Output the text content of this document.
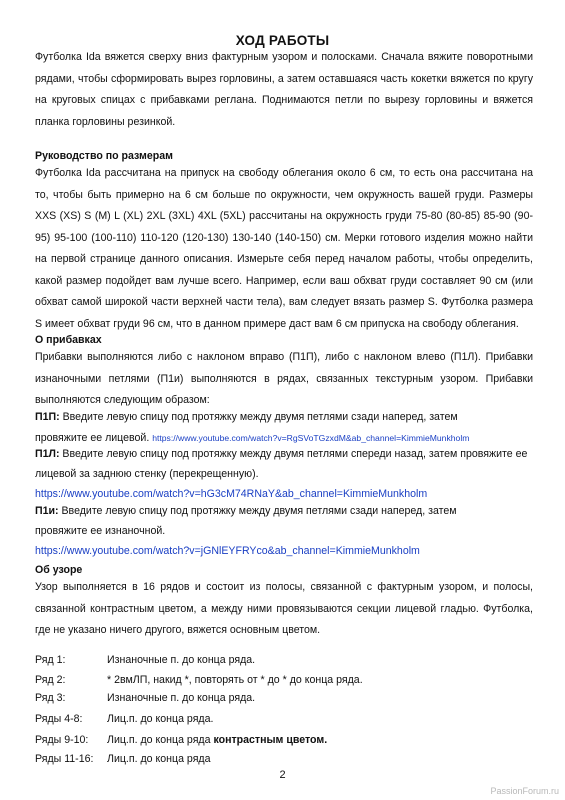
ХОД РАБОТЫ

Футболка Ida вяжется сверху вниз фактурным узором и полосками. Сначала вяжите поворотными рядами, чтобы сформировать вырез горловины, а затем оставшаяся часть кокетки вяжется по кругу на круговых спицах с прибавками реглана. Поднимаются петли по вырезу горловины и вяжется планка горловины резинкой.

Руководство по размерам

Футболка Ida рассчитана на припуск на свободу облегания около 6 см, то есть она рассчитана на то, чтобы быть примерно на 6 см больше по окружности, чем окружность вашей груди. Размеры XXS (XS) S (M) L (XL) 2XL (3XL) 4XL (5XL) рассчитаны на окружность груди 75-80 (80-85) 85-90 (90-95) 95-100 (100-110) 110-120 (120-130) 130-140 (140-150) см. Мерки готового изделия можно найти на первой странице данного описания. Измерьте себя перед началом работы, чтобы определить, какой размер подойдет вам лучше всего. Например, если ваш обхват груди составляет 90 см (или обхват самой широкой части верхней части тела), вам следует вязать размер S. Футболка размера S имеет обхват груди 96 см, что в данном примере даст вам 6 см припуска на свободу облегания.

О прибавках

Прибавки выполняются либо с наклоном вправо (П1П), либо с наклоном влево (П1Л). Прибавки изнаночными петлями (П1и) выполняются в рядах, связанных текстурным узором. Прибавки выполняются следующим образом:

П1П: Введите левую спицу под протяжку между двумя петлями сзади наперед, затем
провяжите ее лицевой. https://www.youtube.com/watch?v=RgSVoTGzxdM&ab_channel=KimmieMunkholm
П1Л: Введите левую спицу под протяжку между двумя петлями спереди назад, затем провяжите ее
лицевой за заднюю стенку (перекрещенную).
https://www.youtube.com/watch?v=hG3cM74RNaY&ab_channel=KimmieMunkholm
П1и: Введите левую спицу под протяжку между двумя петлями сзади наперед, затем
провяжите ее изнаночной.
https://www.youtube.com/watch?v=jGNlEYFRYco&ab_channel=KimmieMunkholm

Об узоре

Узор выполняется в 16 рядов и состоит из полосы, связанной с фактурным узором, и полосы, связанной контрастным цветом, а между ними провязываются секции лицевой гладью. Футболка, где не указано ничего другого, вяжется основным цветом.

Ряд 1:	Изнаночные п. до конца ряда.
Ряд 2:	* 2вмЛП, накид *, повторять от * до * до конца ряда.
Ряд 3:	Изнаночные п. до конца ряда.
Ряды 4-8: Лиц.п. до конца ряда.
Ряды 9-10: Лиц.п. до конца ряда контрастным цветом.
Ряды 11-16: Лиц.п. до конца ряда
2
PassionForum.ru
